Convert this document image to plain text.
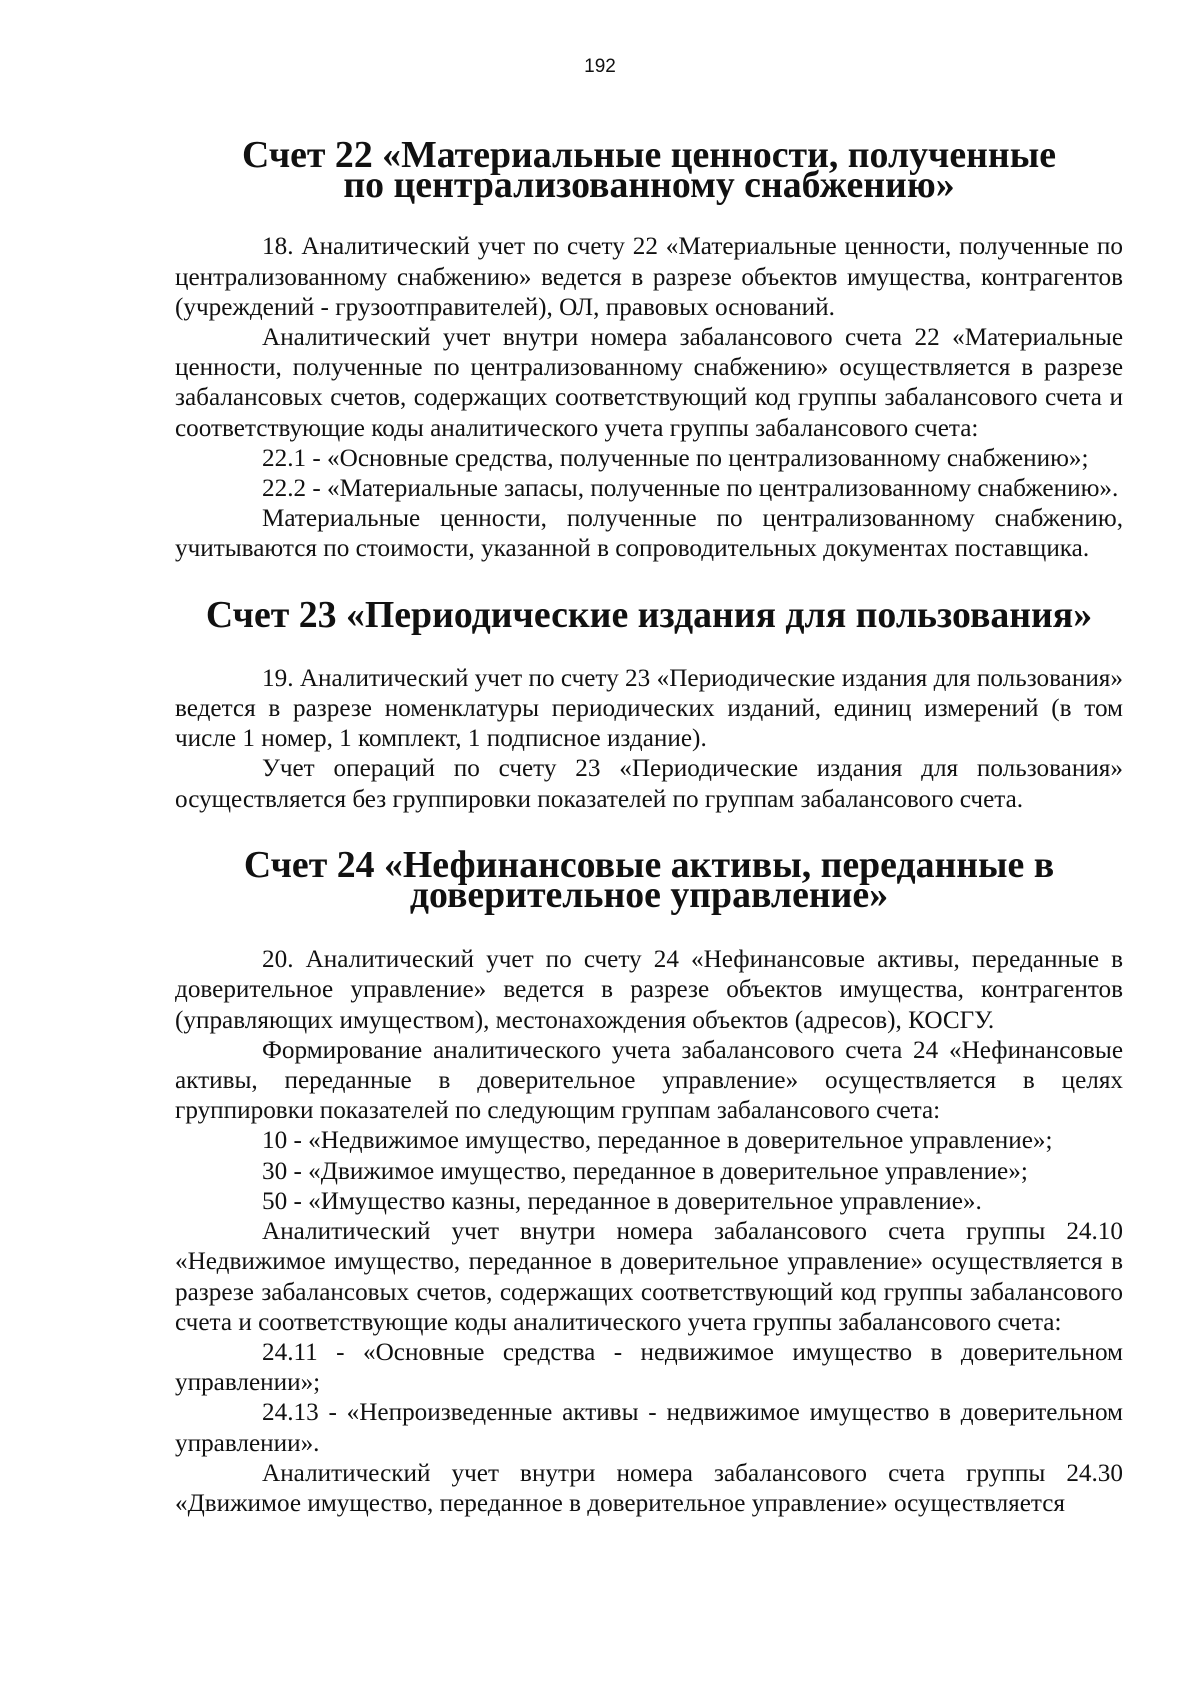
192
Счет 22 «Материальные ценности, полученные
по централизованному снабжению»

18. Аналитический учет по счету 22 «Материальные ценности, полученные по централизованному снабжению» ведется в разрезе объектов имущества, контрагентов (учреждений - грузоотправителей), ОЛ, правовых оснований.

Аналитический учет внутри номера забалансового счета 22 «Материальные ценности, полученные по централизованному снабжению» осуществляется в разрезе забалансовых счетов, содержащих соответствующий код группы забалансового счета и соответствующие коды аналитического учета группы забалансового счета:

22.1 - «Основные средства, полученные по централизованному снабжению»;

22.2 - «Материальные запасы, полученные по централизованному снабжению».

Материальные ценности, полученные по централизованному снабжению, учитываются по стоимости, указанной в сопроводительных документах поставщика.

Счет 23 «Периодические издания для пользования»

19. Аналитический учет по счету 23 «Периодические издания для пользования» ведется в разрезе номенклатуры периодических изданий, единиц измерений (в том числе 1 номер, 1 комплект, 1 подписное издание).

Учет операций по счету 23 «Периодические издания для пользования» осуществляется без группировки показателей по группам забалансового счета.

Счет 24 «Нефинансовые активы, переданные в доверительное управление»

20. Аналитический учет по счету 24 «Нефинансовые активы, переданные в доверительное управление» ведется в разрезе объектов имущества, контрагентов (управляющих имуществом), местонахождения объектов (адресов), КОСГУ.

Формирование аналитического учета забалансового счета 24 «Нефинансовые активы, переданные в доверительное управление» осуществляется в целях группировки показателей по следующим группам забалансового счета:

10 - «Недвижимое имущество, переданное в доверительное управление»;

30 - «Движимое имущество, переданное в доверительное управление»;

50 - «Имущество казны, переданное в доверительное управление».

Аналитический учет внутри номера забалансового счета группы 24.10 «Недвижимое имущество, переданное в доверительное управление» осуществляется в разрезе забалансовых счетов, содержащих соответствующий код группы забалансового счета и соответствующие коды аналитического учета группы забалансового счета:

24.11 - «Основные средства - недвижимое имущество в доверительном управлении»;

24.13 - «Непроизведенные активы - недвижимое имущество в доверительном управлении».

Аналитический учет внутри номера забалансового счета группы 24.30 «Движимое имущество, переданное в доверительное управление» осуществляется
